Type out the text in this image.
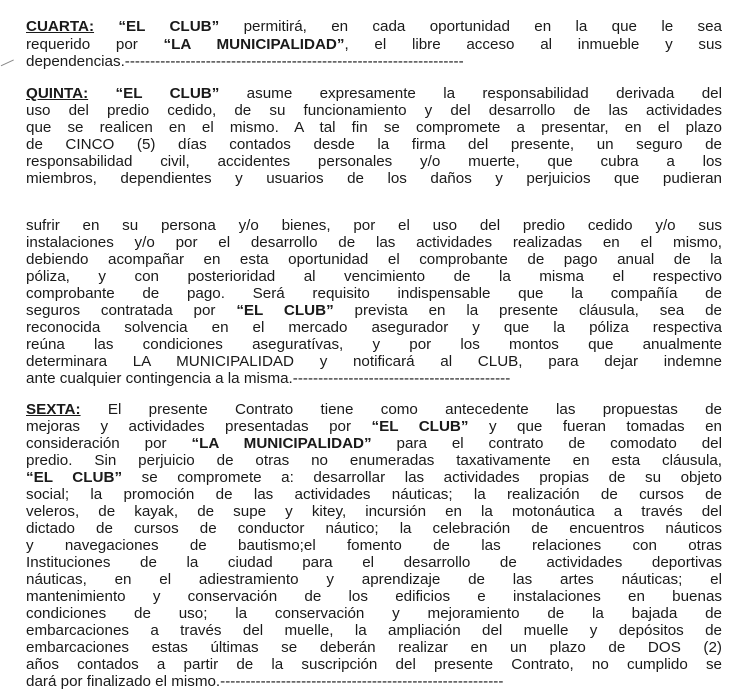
CUARTA: “EL CLUB” permitirá, en cada oportunidad en la que le sea
requerido por “LA MUNICIPALIDAD”, el libre acceso al inmueble y sus
dependencias.-------------------------------------------------------------------
QUINTA: “EL CLUB” asume expresamente la responsabilidad derivada del
uso del predio cedido, de su funcionamiento y del desarrollo de las actividades
que se realicen en el mismo. A tal fin se compromete a presentar, en el plazo
de CINCO (5) días contados desde la firma del presente, un seguro de
responsabilidad civil, accidentes personales y/o muerte, que cubra a los
miembros, dependientes y usuarios de los daños y perjuicios que pudieran
sufrir en su persona y/o bienes, por el uso del predio cedido y/o sus
instalaciones y/o por el desarrollo de las actividades realizadas en el mismo,
debiendo acompañar en esta oportunidad el comprobante de pago anual de la
póliza, y con posterioridad al vencimiento de la misma el respectivo
comprobante de pago. Será requisito indispensable que la compañía de
seguros contratada por “EL CLUB” prevista en la presente cláusula, sea de
reconocida solvencia en el mercado asegurador y que la póliza respectiva
reúna las condiciones aseguratívas, y por los montos que anualmente
determinara LA MUNICIPALIDAD y notificará al CLUB, para dejar indemne
ante cualquier contingencia a la misma.-------------------------------------------
SEXTA: El presente Contrato tiene como antecedente las propuestas de
mejoras y actividades presentadas por “EL CLUB” y que fueran tomadas en
consideración por “LA MUNICIPALIDAD” para el contrato de comodato del
predio. Sin perjuicio de otras no enumeradas taxativamente en esta cláusula,
“EL CLUB” se compromete a: desarrollar las actividades propias de su objeto
social; la promoción de las actividades náuticas; la realización de cursos de
veleros, de kayak, de supe y kitey, incursión en la motonáutica a través del
dictado de cursos de conductor náutico; la celebración de encuentros náuticos
y navegaciones de bautismo;el fomento de las relaciones con otras
Instituciones de la ciudad para el desarrollo de actividades deportivas
náuticas, en el adiestramiento y aprendizaje de las artes náuticas; el
mantenimiento y conservación de los edificios e instalaciones en buenas
condiciones de uso; la conservación y mejoramiento de la bajada de
embarcaciones a través del muelle, la ampliación del muelle y depósitos de
embarcaciones estas últimas se deberán realizar en un plazo de DOS (2)
años contados a partir de la suscripción del presente Contrato, no cumplido se
dará por finalizado el mismo.--------------------------------------------------------
